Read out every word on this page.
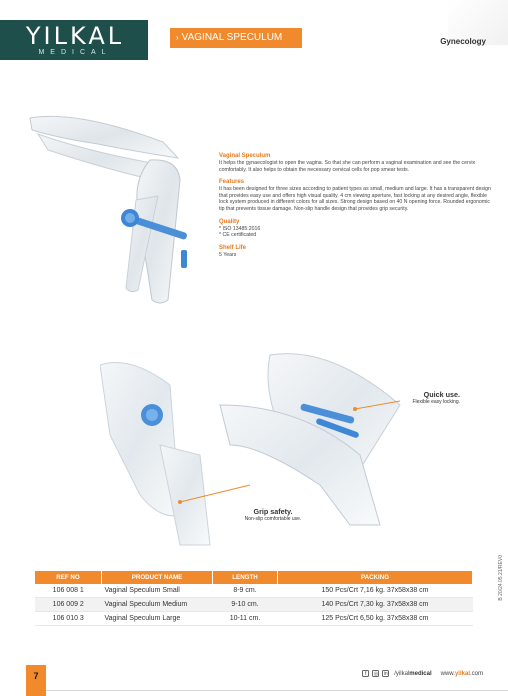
YILKAL
MEDICAL
› VAGINAL SPECULUM	Gynecology
Vaginal Speculum

It helps the gynaecologist to open the vagina. So that she can perform a vaginal examination and see the cervix comfortably. It also helps to obtain the necessary cervical cells for pop smear tests.

Features

It has been designed for three sizes according to patient types as small, medium and large. It has a transparent design that provides easy use and offers high visual quality. 4 cm viewing aperture, fast locking at any desired angle, flexible lock system produced in different colors for all sizes. Strong design based on 40 N opening force. Rounded ergonomic tip that prevents tissue damage. Non-slip handle design that provides grip security.

Quality
* ISO 13485:2016
* CE certificated
Shelf Life

5 Years

Quick use.
Flexible easy locking.
Grip safety.
Non-slip comfortable use.
B 20/24.05.21/REV0
REF NO	PRODUCT NAME	LENGTH	PACKING
106 008 1	Vaginal Speculum Small	8-9 cm.	150 Pcs/Crt 7,16 kg. 37x58x38 cm
106 009 2	Vaginal Speculum Medium	9-10 cm.	140 Pcs/Crt 7,30 kg. 37x58x38 cm
106 010 3	Vaginal Speculum Large	10-11 cm.	125 Pcs/Crt 6,50 kg. 37x58x38 cm
7	f	◎	in /yilkalmedical www.yilkal.com
